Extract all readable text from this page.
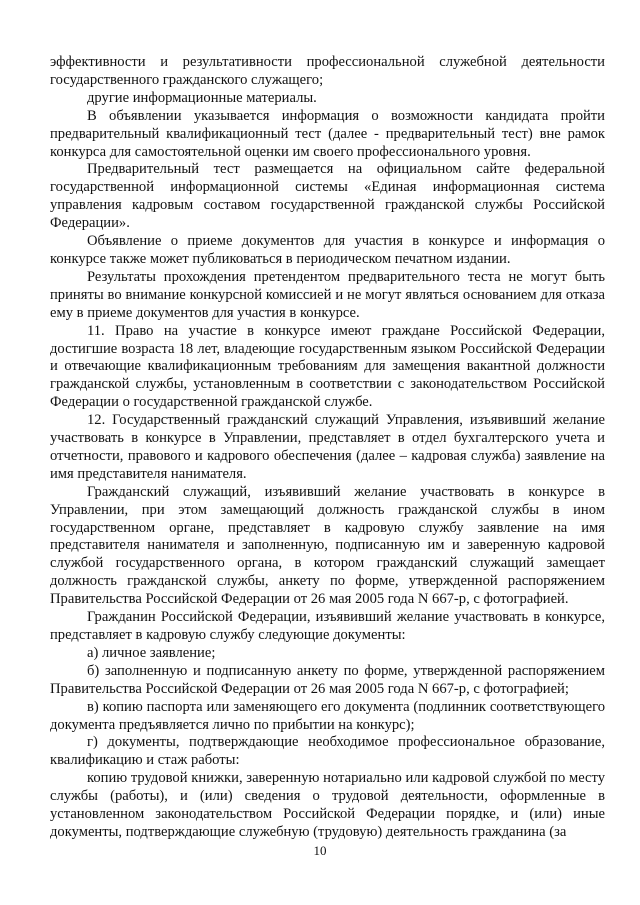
эффективности и результативности профессиональной служебной деятельности государственного гражданского служащего;

другие информационные материалы.

В объявлении указывается информация о возможности кандидата пройти предварительный квалификационный тест (далее - предварительный тест) вне рамок конкурса для самостоятельной оценки им своего профессионального уровня.

Предварительный тест размещается на официальном сайте федеральной государственной информационной системы «Единая информационная система управления кадровым составом государственной гражданской службы Российской Федерации».

Объявление о приеме документов для участия в конкурсе и информация о конкурсе также может публиковаться в периодическом печатном издании.

Результаты прохождения претендентом предварительного теста не могут быть приняты во внимание конкурсной комиссией и не могут являться основанием для отказа ему в приеме документов для участия в конкурсе.

11. Право на участие в конкурсе имеют граждане Российской Федерации, достигшие возраста 18 лет, владеющие государственным языком Российской Федерации и отвечающие квалификационным требованиям для замещения вакантной должности гражданской службы, установленным в соответствии с законодательством Российской Федерации о государственной гражданской службе.

12. Государственный гражданский служащий Управления, изъявивший желание участвовать в конкурсе в Управлении, представляет в отдел бухгалтерского учета и отчетности, правового и кадрового обеспечения (далее – кадровая служба) заявление на имя представителя нанимателя.

Гражданский служащий, изъявивший желание участвовать в конкурсе в Управлении, при этом замещающий должность гражданской службы в ином государственном органе, представляет в кадровую службу заявление на имя представителя нанимателя и заполненную, подписанную им и заверенную кадровой службой государственного органа, в котором гражданский служащий замещает должность гражданской службы, анкету по форме, утвержденной распоряжением Правительства Российской Федерации от 26 мая 2005 года N 667-р, с фотографией.

Гражданин Российской Федерации, изъявивший желание участвовать в конкурсе, представляет в кадровую службу следующие документы:

а) личное заявление;

б) заполненную и подписанную анкету по форме, утвержденной распоряжением Правительства Российской Федерации от 26 мая 2005 года N 667-р, с фотографией;

в) копию паспорта или заменяющего его документа (подлинник соответствующего документа предъявляется лично по прибытии на конкурс);

г) документы, подтверждающие необходимое профессиональное образование, квалификацию и стаж работы:

копию трудовой книжки, заверенную нотариально или кадровой службой по месту службы (работы), и (или) сведения о трудовой деятельности, оформленные в установленном законодательством Российской Федерации порядке, и (или) иные документы, подтверждающие служебную (трудовую) деятельность гражданина (за

10
